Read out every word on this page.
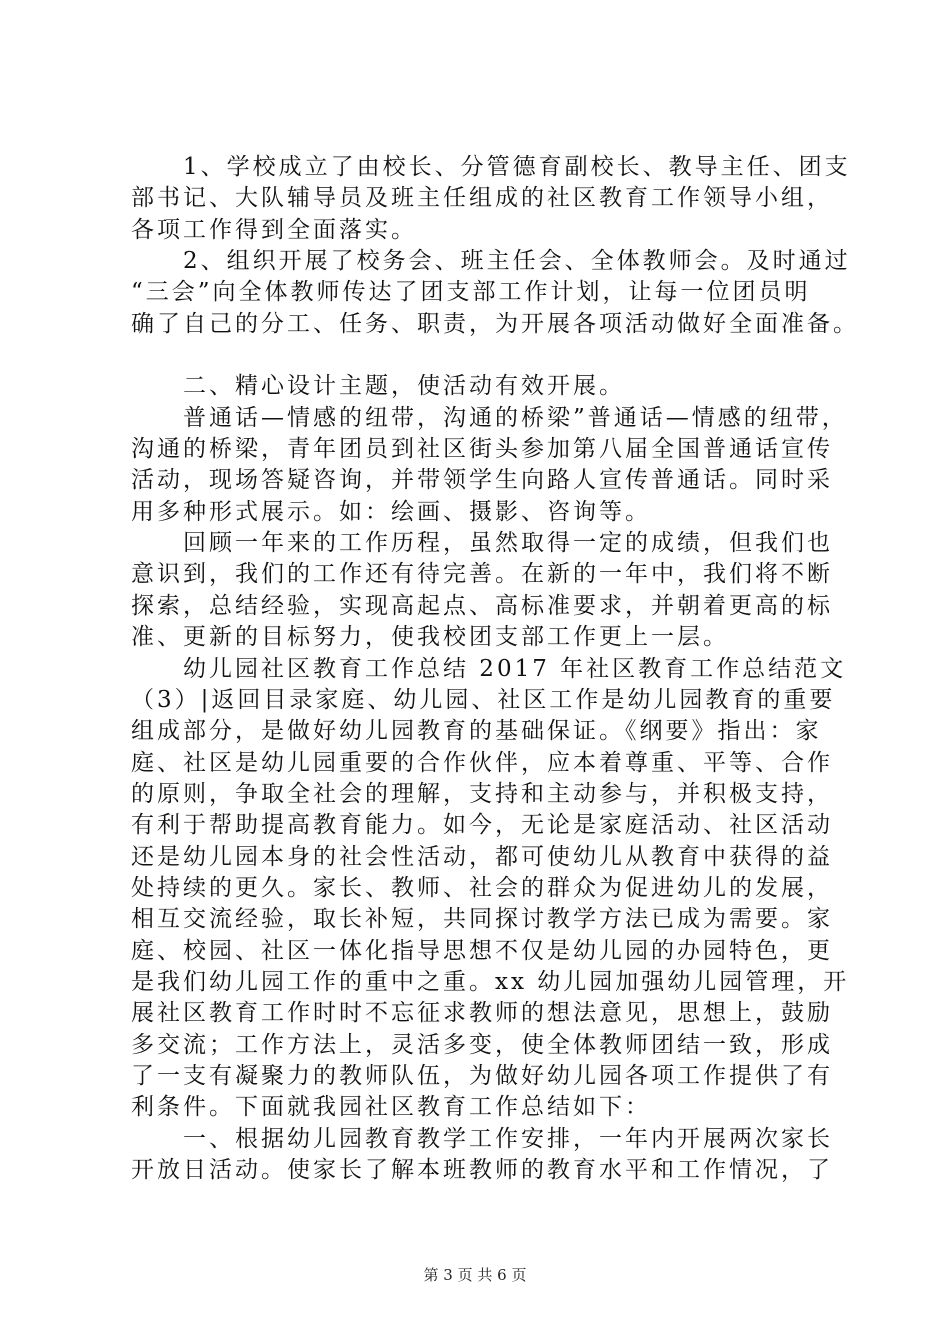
　　1、学校成立了由校长、分管德育副校长、教导主任、团支
部书记、大队辅导员及班主任组成的社区教育工作领导小组，
各项工作得到全面落实。
　　2、组织开展了校务会、班主任会、全体教师会。及时通过
“三会”向全体教师传达了团支部工作计划，让每一位团员明
确了自己的分工、任务、职责，为开展各项活动做好全面准备。
　　二、精心设计主题，使活动有效开展。
　　普通话—情感的纽带，沟通的桥梁”普通话—情感的纽带，
沟通的桥梁，青年团员到社区街头参加第八届全国普通话宣传
活动，现场答疑咨询，并带领学生向路人宣传普通话。同时采
用多种形式展示。如：绘画、摄影、咨询等。
　　回顾一年来的工作历程，虽然取得一定的成绩，但我们也
意识到，我们的工作还有待完善。在新的一年中，我们将不断
探索，总结经验，实现高起点、高标准要求，并朝着更高的标
准、更新的目标努力，使我校团支部工作更上一层。
　　幼儿园社区教育工作总结 2017 年社区教育工作总结范文
（3）|返回目录家庭、幼儿园、社区工作是幼儿园教育的重要
组成部分，是做好幼儿园教育的基础保证。《纲要》指出：家
庭、社区是幼儿园重要的合作伙伴，应本着尊重、平等、合作
的原则，争取全社会的理解，支持和主动参与，并积极支持，
有利于帮助提高教育能力。如今，无论是家庭活动、社区活动
还是幼儿园本身的社会性活动，都可使幼儿从教育中获得的益
处持续的更久。家长、教师、社会的群众为促进幼儿的发展，
相互交流经验，取长补短，共同探讨教学方法已成为需要。家
庭、校园、社区一体化指导思想不仅是幼儿园的办园特色，更
是我们幼儿园工作的重中之重。xx 幼儿园加强幼儿园管理，开
展社区教育工作时时不忘征求教师的想法意见，思想上，鼓励
多交流；工作方法上，灵活多变，使全体教师团结一致，形成
了一支有凝聚力的教师队伍，为做好幼儿园各项工作提供了有
利条件。下面就我园社区教育工作总结如下：
　　一、根据幼儿园教育教学工作安排，一年内开展两次家长
开放日活动。使家长了解本班教师的教育水平和工作情况，了
第 3 页 共 6 页
